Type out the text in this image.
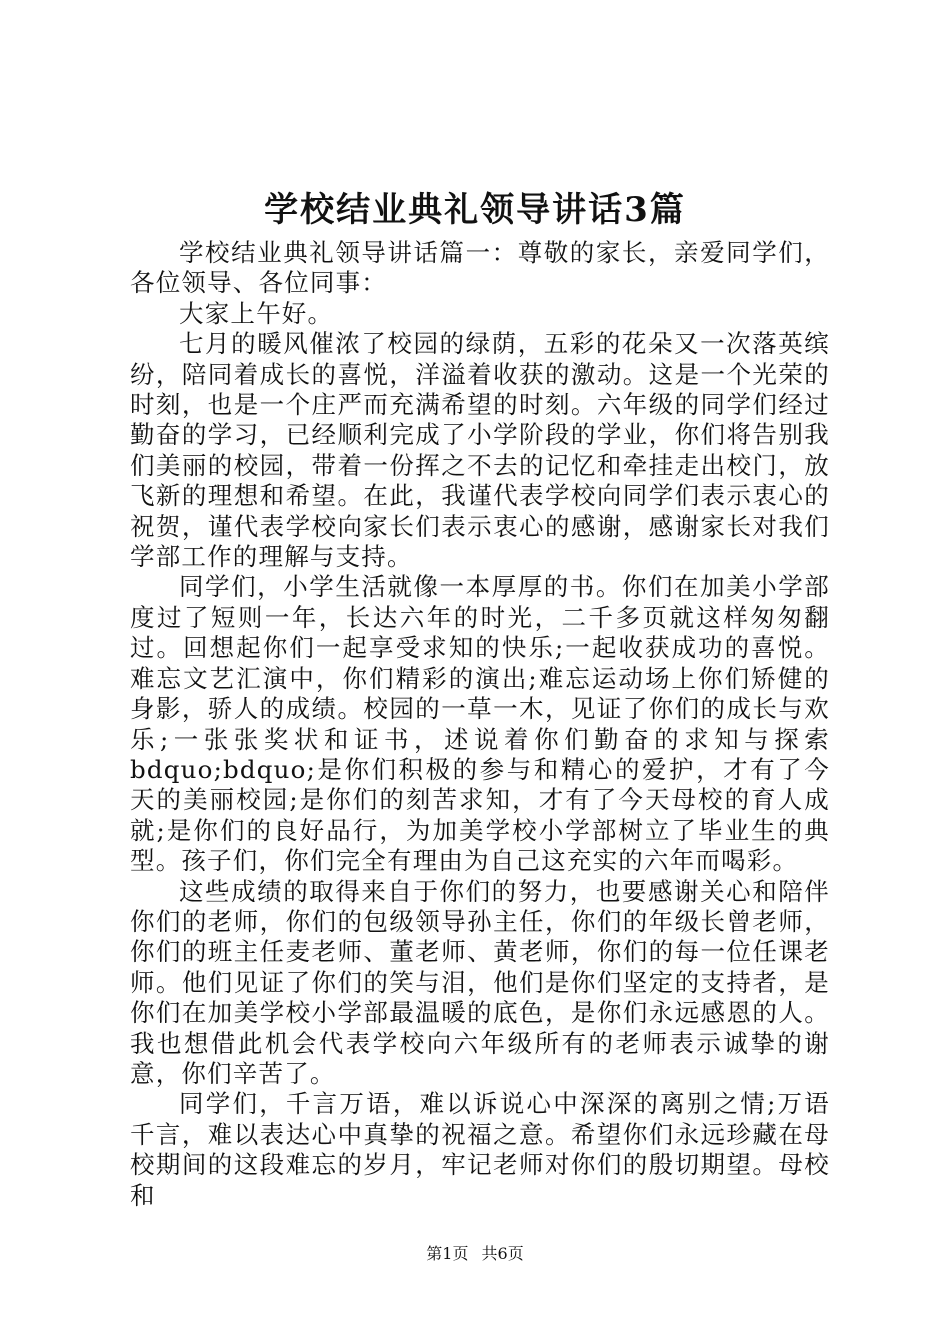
学校结业典礼领导讲话3篇

学校结业典礼领导讲话篇一：尊敬的家长，亲爱同学们，各位领导、各位同事：

大家上午好。

七月的暖风催浓了校园的绿荫，五彩的花朵又一次落英缤纷，陪同着成长的喜悦，洋溢着收获的激动。这是一个光荣的时刻，也是一个庄严而充满希望的时刻。六年级的同学们经过勤奋的学习，已经顺利完成了小学阶段的学业，你们将告别我们美丽的校园，带着一份挥之不去的记忆和牵挂走出校门，放飞新的理想和希望。在此，我谨代表学校向同学们表示衷心的祝贺，谨代表学校向家长们表示衷心的感谢，感谢家长对我们学部工作的理解与支持。

同学们，小学生活就像一本厚厚的书。你们在加美小学部度过了短则一年，长达六年的时光，二千多页就这样匆匆翻过。回想起你们一起享受求知的快乐;一起收获成功的喜悦。难忘文艺汇演中，你们精彩的演出;难忘运动场上你们矫健的身影，骄人的成绩。校园的一草一木，见证了你们的成长与欢乐;一张张奖状和证书，述说着你们勤奋的求知与探索 bdquo;bdquo;是你们积极的参与和精心的爱护，才有了今天的美丽校园;是你们的刻苦求知，才有了今天母校的育人成就;是你们的良好品行，为加美学校小学部树立了毕业生的典型。孩子们，你们完全有理由为自己这充实的六年而喝彩。

这些成绩的取得来自于你们的努力，也要感谢关心和陪伴你们的老师，你们的包级领导孙主任，你们的年级长曾老师，你们的班主任麦老师、董老师、黄老师，你们的每一位任课老师。他们见证了你们的笑与泪，他们是你们坚定的支持者，是你们在加美学校小学部最温暖的底色，是你们永远感恩的人。我也想借此机会代表学校向六年级所有的老师表示诚挚的谢意，你们辛苦了。

同学们，千言万语，难以诉说心中深深的离别之情;万语千言，难以表达心中真挚的祝福之意。希望你们永远珍藏在母校期间的这段难忘的岁月，牢记老师对你们的殷切期望。母校和

第1页 共6页
